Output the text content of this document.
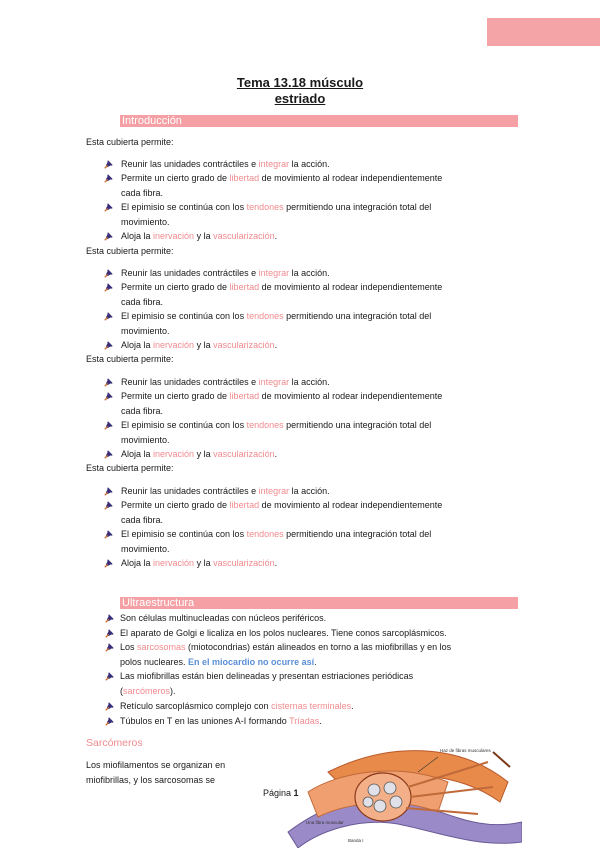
Tema 13.18 músculo
estriado
Introducción
Esta cubierta permite:
Reunir las unidades contráctiles e integrar la acción.
Permite un cierto grado de libertad de movimiento al rodear independientemente
cada fibra.
El epimisio se continúa con los tendones permitiendo una integración total del
movimiento.
Aloja la inervación y la vascularización.
Esta cubierta permite:
Reunir las unidades contráctiles e integrar la acción.
Permite un cierto grado de libertad de movimiento al rodear independientemente
cada fibra.
El epimisio se continúa con los tendones permitiendo una integración total del
movimiento.
Aloja la inervación y la vascularización.
Esta cubierta permite:
Reunir las unidades contráctiles e integrar la acción.
Permite un cierto grado de libertad de movimiento al rodear independientemente
cada fibra.
El epimisio se continúa con los tendones permitiendo una integración total del
movimiento.
Aloja la inervación y la vascularización.
Esta cubierta permite:
Reunir las unidades contráctiles e integrar la acción.
Permite un cierto grado de libertad de movimiento al rodear independientemente
cada fibra.
El epimisio se continúa con los tendones permitiendo una integración total del
movimiento.
Aloja la inervación y la vascularización.
Ultraestructura
Son células multinucleadas con núcleos periféricos.
El aparato de Golgi e licaliza en los polos nucleares. Tiene conos sarcoplásmicos.
Los sarcosomas (miotocondrias) están alineados en torno a las miofibrillas y en los
polos nucleares. En el miocardio no ocurre así.
Las miofibrillas están bien delineadas y presentan estriaciones periódicas
(sarcómeros).
Retículo sarcoplásmico complejo con cisternas terminales.
Túbulos en T en las uniones A-I formando Tríadas.
Sarcómeros
Los miofilamentos se organizan en miofibrillas, y los sarcosomas se
Página 1
Haz de fibras musculares
Una fibra muscular
Banda I
